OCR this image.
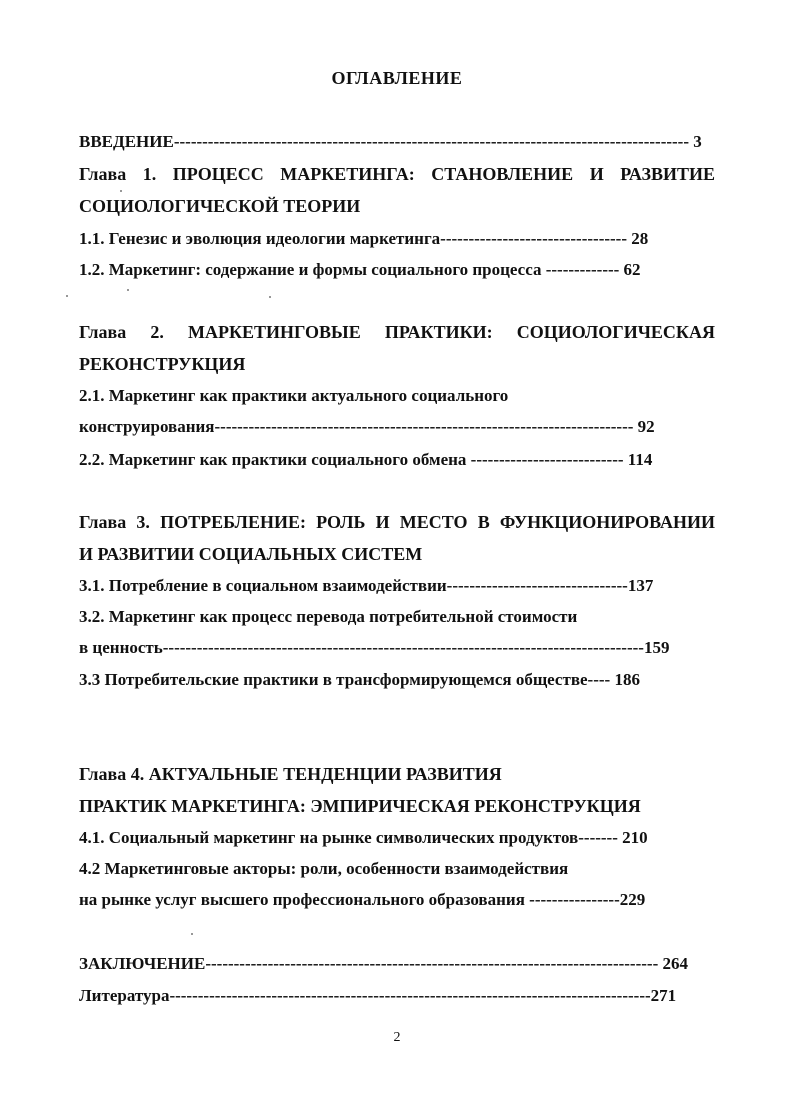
ОГЛАВЛЕНИЕ
ВВЕДЕНИЕ------------------------------------------------------------------------------------------- 3
Глава 1. ПРОЦЕСС МАРКЕТИНГА: СТАНОВЛЕНИЕ И РАЗВИТИЕ
СОЦИОЛОГИЧЕСКОЙ ТЕОРИИ
1.1. Генезис и эволюция идеологии маркетинга--------------------------------- 28
1.2. Маркетинг: содержание и формы социального процесса ------------- 62
Глава 2. МАРКЕТИНГОВЫЕ ПРАКТИКИ: СОЦИОЛОГИЧЕСКАЯ
РЕКОНСТРУКЦИЯ
2.1. Маркетинг как практики актуального социального
конструирования-------------------------------------------------------------------------- 92
2.2. Маркетинг как практики социального обмена --------------------------- 114
Глава 3. ПОТРЕБЛЕНИЕ: РОЛЬ И МЕСТО В ФУНКЦИОНИРОВАНИИ
И РАЗВИТИИ СОЦИАЛЬНЫХ СИСТЕМ
3.1. Потребление в социальном взаимодействии--------------------------------137
3.2. Маркетинг как процесс перевода потребительной стоимости
в ценность-------------------------------------------------------------------------------------159
3.3 Потребительские практики в трансформирующемся обществе---- 186
Глава 4. АКТУАЛЬНЫЕ ТЕНДЕНЦИИ РАЗВИТИЯ
ПРАКТИК МАРКЕТИНГА: ЭМПИРИЧЕСКАЯ РЕКОНСТРУКЦИЯ
4.1. Социальный маркетинг на рынке символических продуктов------- 210
4.2 Маркетинговые акторы: роли, особенности взаимодействия
на рынке услуг высшего профессионального образования ----------------229
ЗАКЛЮЧЕНИЕ-------------------------------------------------------------------------------- 264
Литература-------------------------------------------------------------------------------------271
2
